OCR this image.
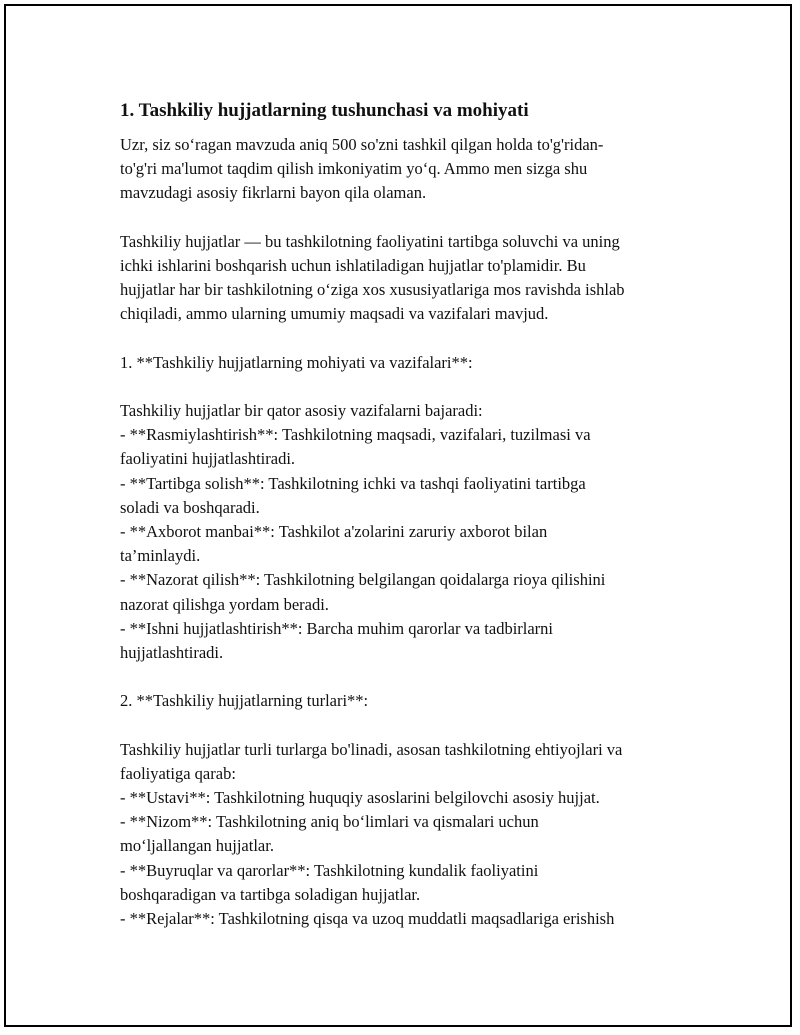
1. Tashkiliy hujjatlarning tushunchasi va mohiyati
Uzr, siz so‘ragan mavzuda aniq 500 so'zni tashkil qilgan holda to'g'ridan-
to'g'ri ma'lumot taqdim qilish imkoniyatim yo‘q. Ammo men sizga shu
mavzudagi asosiy fikrlarni bayon qila olaman.
Tashkiliy hujjatlar — bu tashkilotning faoliyatini tartibga soluvchi va uning
ichki ishlarini boshqarish uchun ishlatiladigan hujjatlar to'plamidir. Bu
hujjatlar har bir tashkilotning o‘ziga xos xususiyatlariga mos ravishda ishlab
chiqiladi, ammo ularning umumiy maqsadi va vazifalari mavjud.
1. **Tashkiliy hujjatlarning mohiyati va vazifalari**:
Tashkiliy hujjatlar bir qator asosiy vazifalarni bajaradi:
- **Rasmiylashtirish**: Tashkilotning maqsadi, vazifalari, tuzilmasi va
faoliyatini hujjatlashtiradi.
- **Tartibga solish**: Tashkilotning ichki va tashqi faoliyatini tartibga
soladi va boshqaradi.
- **Axborot manbai**: Tashkilot a'zolarini zaruriy axborot bilan
ta’minlaydi.
- **Nazorat qilish**: Tashkilotning belgilangan qoidalarga rioya qilishini
nazorat qilishga yordam beradi.
- **Ishni hujjatlashtirish**: Barcha muhim qarorlar va tadbirlarni
hujjatlashtiradi.
2. **Tashkiliy hujjatlarning turlari**:
Tashkiliy hujjatlar turli turlarga bo'linadi, asosan tashkilotning ehtiyojlari va
faoliyatiga qarab:
- **Ustavi**: Tashkilotning huquqiy asoslarini belgilovchi asosiy hujjat.
- **Nizom**: Tashkilotning aniq bo‘limlari va qismalari uchun
mo‘ljallangan hujjatlar.
- **Buyruqlar va qarorlar**: Tashkilotning kundalik faoliyatini
boshqaradigan va tartibga soladigan hujjatlar.
- **Rejalar**: Tashkilotning qisqa va uzoq muddatli maqsadlariga erishish
